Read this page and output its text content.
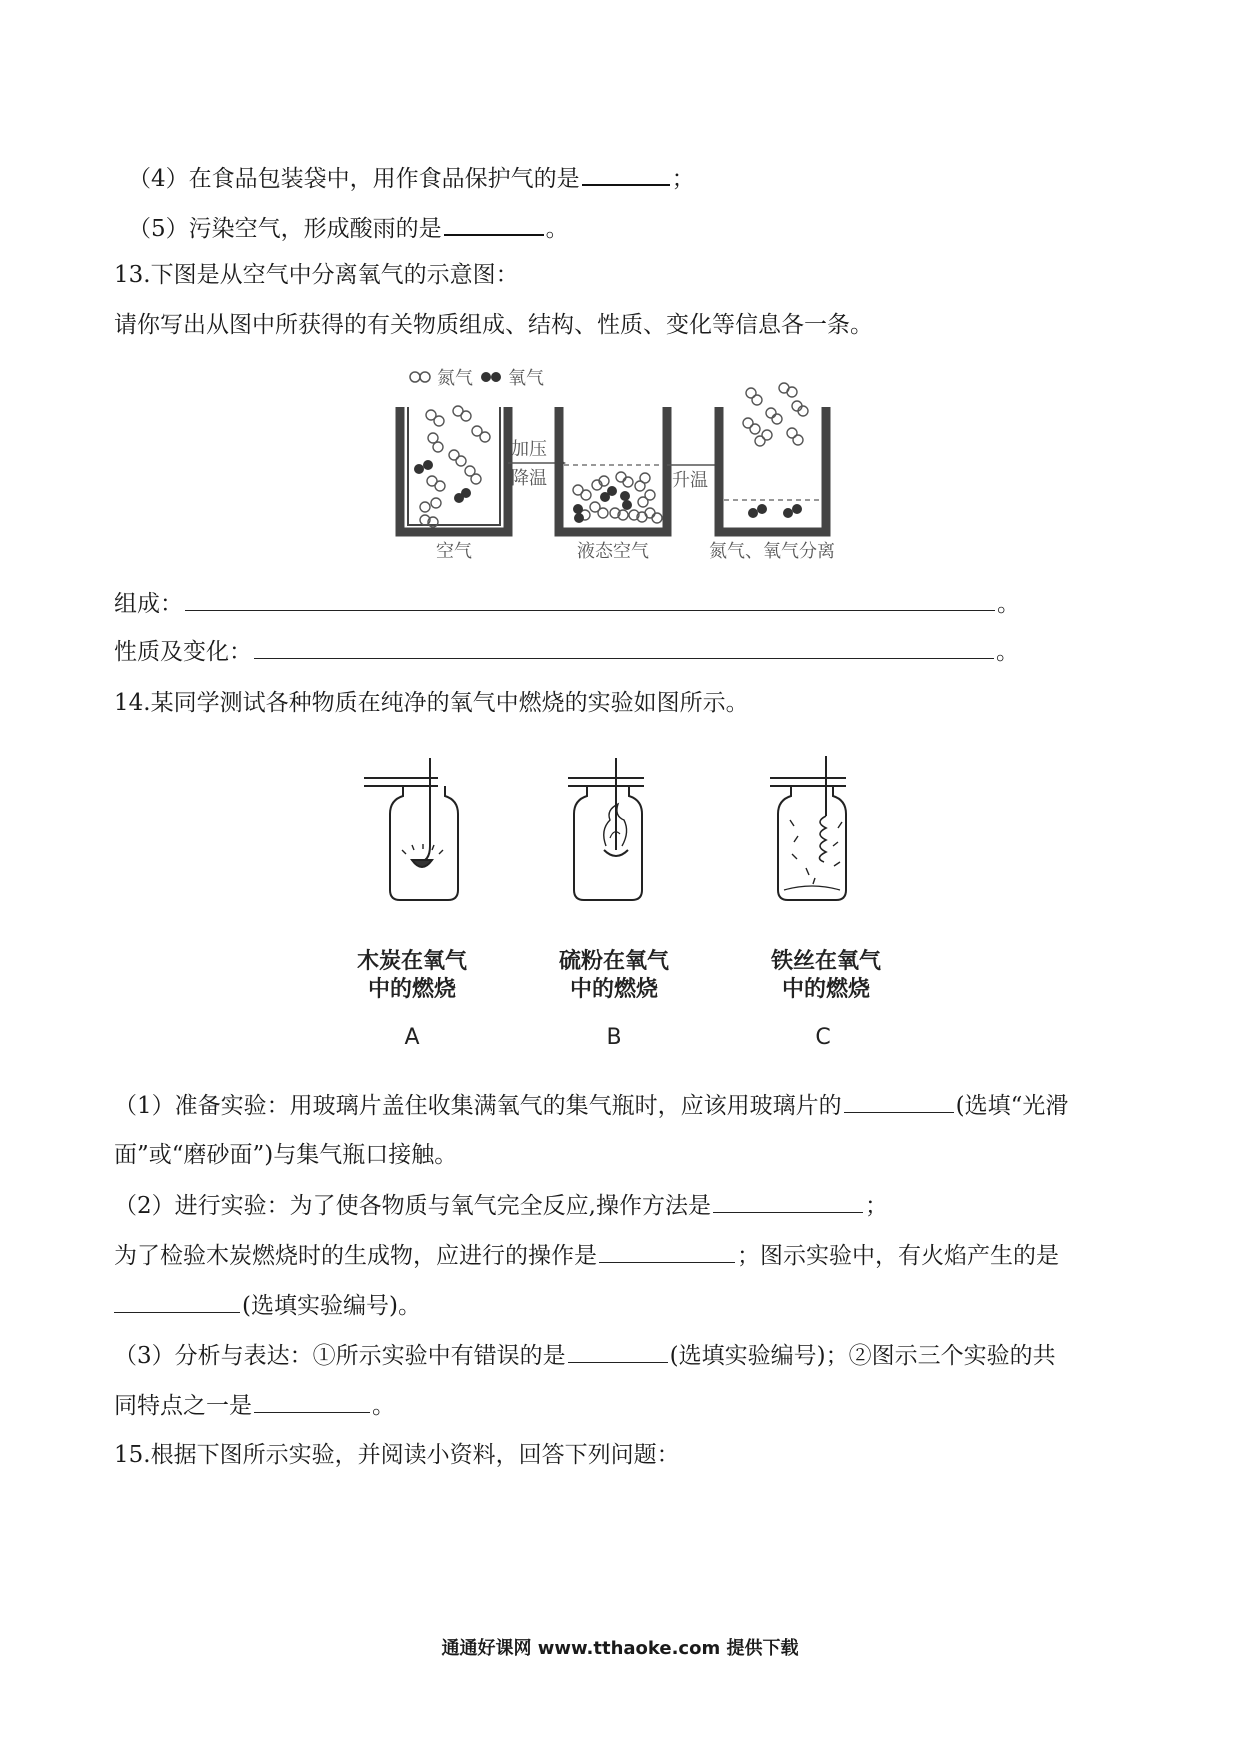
（4）在食品包装袋中，用作食品保护气的是	；
（5）污染空气，形成酸雨的是	。
13.下图是从空气中分离氧气的示意图：
请你写出从图中所获得的有关物质组成、结构、性质、变化等信息各一条。
氮气 氧气
加压
降温	升温
空气	液态空气	氮气、氧气分离
组成：	。
性质及变化：	。
14.某同学测试各种物质在纯净的氧气中燃烧的实验如图所示。
木炭在氧气
中的燃烧
A
硫粉在氧气
中的燃烧
B
铁丝在氧气
中的燃烧
C
（1）准备实验：用玻璃片盖住收集满氧气的集气瓶时，应该用玻璃片的	(选填“光滑
面”或“磨砂面”)与集气瓶口接触。
（2）进行实验：为了使各物质与氧气完全反应,操作方法是	；
为了检验木炭燃烧时的生成物，应进行的操作是	；图示实验中，有火焰产生的是
(选填实验编号)。
（3）分析与表达：①所示实验中有错误的是	(选填实验编号)；②图示三个实验的共
同特点之一是	。
15.根据下图所示实验，并阅读小资料，回答下列问题：
通通好课网 www.tthaoke.com 提供下载
